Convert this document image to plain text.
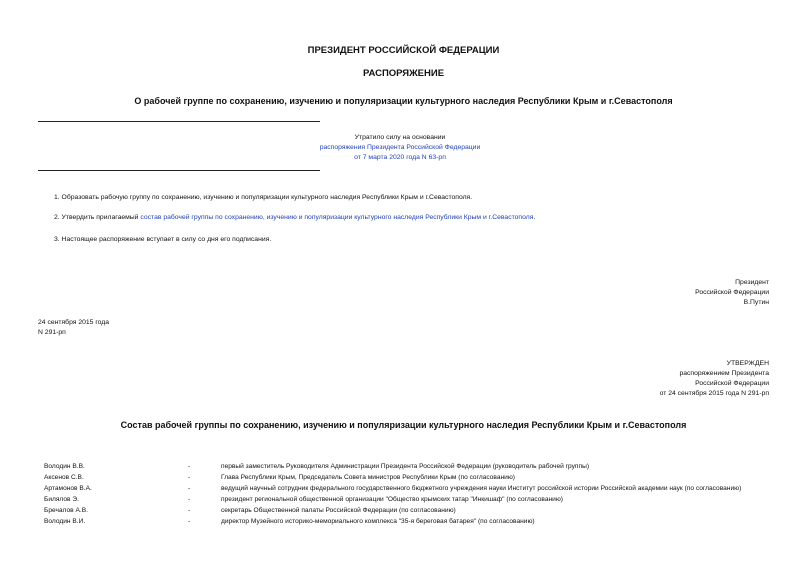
ПРЕЗИДЕНТ РОССИЙСКОЙ ФЕДЕРАЦИИ
РАСПОРЯЖЕНИЕ
О рабочей группе по сохранению, изучению и популяризации культурного наследия Республики Крым и г.Севастополя
Утратило силу на основании
распоряжения Президента Российской Федерации
от 7 марта 2020 года N 63-рп
1. Образовать рабочую группу по сохранению, изучению и популяризации культурного наследия Республики Крым и г.Севастополя.
2. Утвердить прилагаемый состав рабочей группы по сохранению, изучению и популяризации культурного наследия Республики Крым и г.Севастополя.
3. Настоящее распоряжение вступает в силу со дня его подписания.
Президент
Российской Федерации
В.Путин
24 сентября 2015 года
N 291-рп
УТВЕРЖДЕН
распоряжением Президента
Российской Федерации
от 24 сентября 2015 года N 291-рп
Состав рабочей группы по сохранению, изучению и популяризации культурного наследия Республики Крым и г.Севастополя
Володин В.В.	-	первый заместитель Руководителя Администрации Президента Российской Федерации (руководитель рабочей группы)
Аксенов С.В.	-	Глава Республики Крым, Председатель Совета министров Республики Крым (по согласованию)
Артамонов В.А.	-	ведущий научный сотрудник федерального государственного бюджетного учреждения науки Институт российской истории Российской академии наук (по согласованию)
Билялов Э.	-	президент региональной общественной организации "Общество крымских татар "Инкишаф" (по согласованию)
Бречалов А.В.	-	секретарь Общественной палаты Российской Федерации (по согласованию)
Володин В.И.	-	директор Музейного историко-мемориального комплекса "35-я береговая батарея" (по согласованию)
